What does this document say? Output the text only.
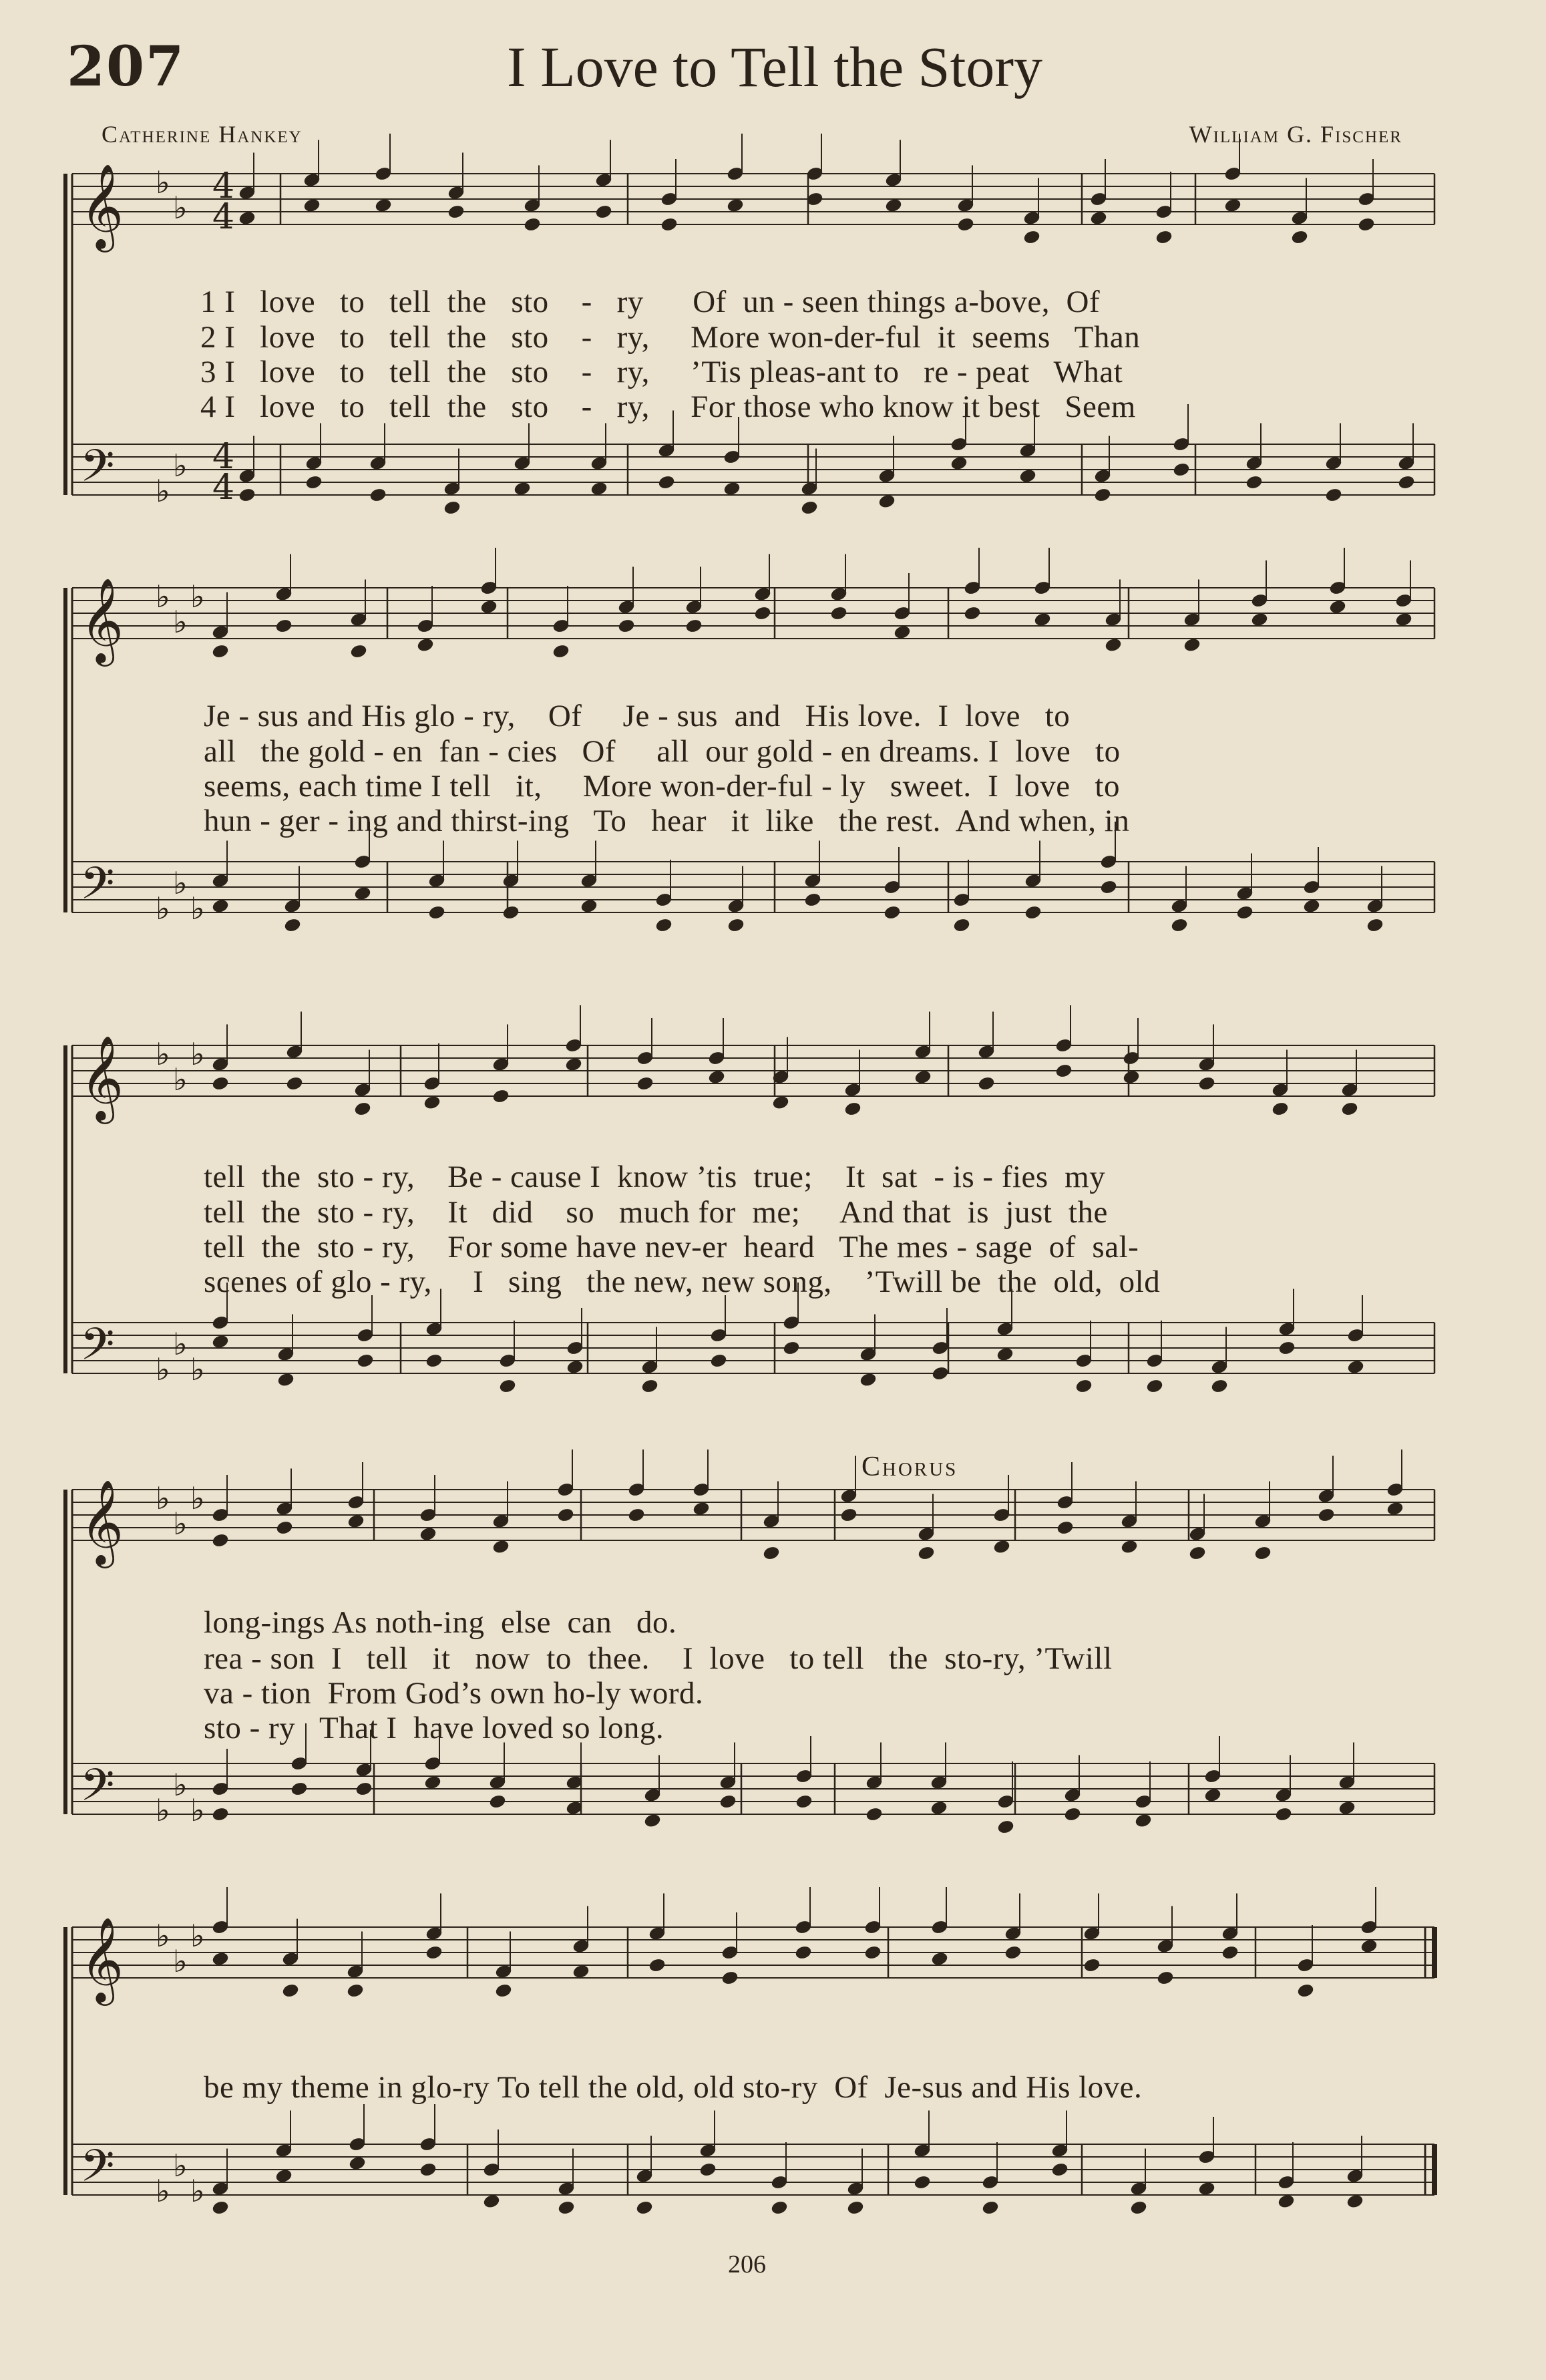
207	I Love to Tell the Story
Catherine Hankey	William G. Fischer
𝄞 ♭
♭
4
4
𝄢 ♭
♭ 4
4
𝄞 ♭
♭
♭
𝄢 ♭
♭
♭
𝄞 ♭
♭
♭
𝄢 ♭
♭
♭
𝄞 ♭
♭
♭
𝄢 ♭
♭
♭
𝄞 ♭
♭
♭
𝄢 ♭
♭
♭
1 I   love   to   tell  the   sto    -   ry      Of  un - seen things a-bove,  Of
2 I   love   to   tell  the   sto    -   ry,     More won-der-ful  it  seems   Than
3 I   love   to   tell  the   sto    -   ry,     ’Tis pleas-ant to   re - peat   What
4 I   love   to   tell  the   sto    -   ry,     For those who know it best   Seem
Je - sus and His glo - ry,    Of     Je - sus  and   His love.  I  love   to
all   the gold - en  fan - cies   Of     all  our gold - en dreams. I  love   to
seems, each time I tell   it,     More won-der-ful - ly   sweet.  I  love   to
hun - ger - ing and thirst-ing   To   hear   it  like   the rest.  And when, in
tell  the  sto - ry,    Be - cause I  know ’tis  true;    It  sat  - is - fies  my
tell  the  sto - ry,    It   did    so   much for  me;     And that  is  just  the
tell  the  sto - ry,    For some have nev-er  heard   The mes - sage  of  sal-
scenes of glo - ry,     I   sing   the new, new song,    ’Twill be  the  old,  old
Chorus
long-ings As noth-ing  else  can   do.
rea - son  I   tell   it   now  to  thee.    I  love   to tell   the  sto-ry, ’Twill
va - tion  From God’s own ho-ly word.
sto - ry   That I  have loved so long.
be my theme in glo-ry To tell the old, old sto-ry  Of  Je-sus and His love.
206
